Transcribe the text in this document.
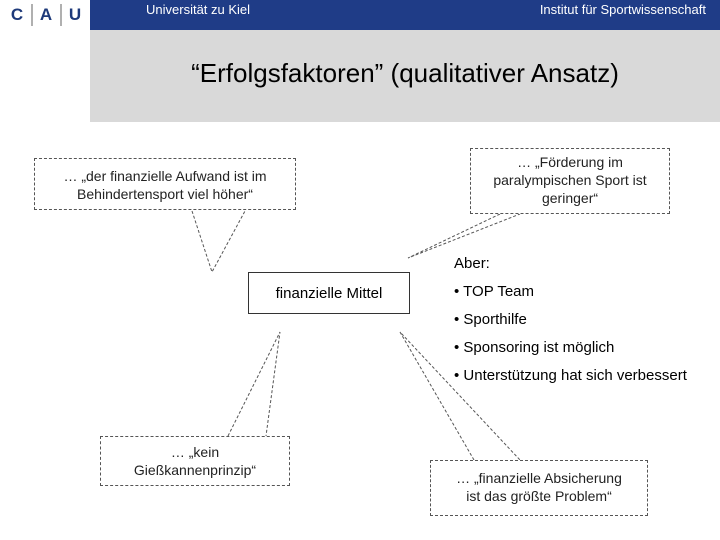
C A U	Universität zu Kiel	Institut für Sportwissenschaft
“Erfolgsfaktoren” (qualitativer Ansatz)
… „der finanzielle Aufwand ist im
Behindertensport viel höher“
… „Förderung im
paralympischen Sport ist
geringer“
… „kein
Gießkannenprinzip“	… „finanzielle Absicherung
ist das größte Problem“
finanzielle Mittel
Aber:
• TOP Team
• Sporthilfe
• Sponsoring ist möglich
• Unterstützung hat sich verbessert
